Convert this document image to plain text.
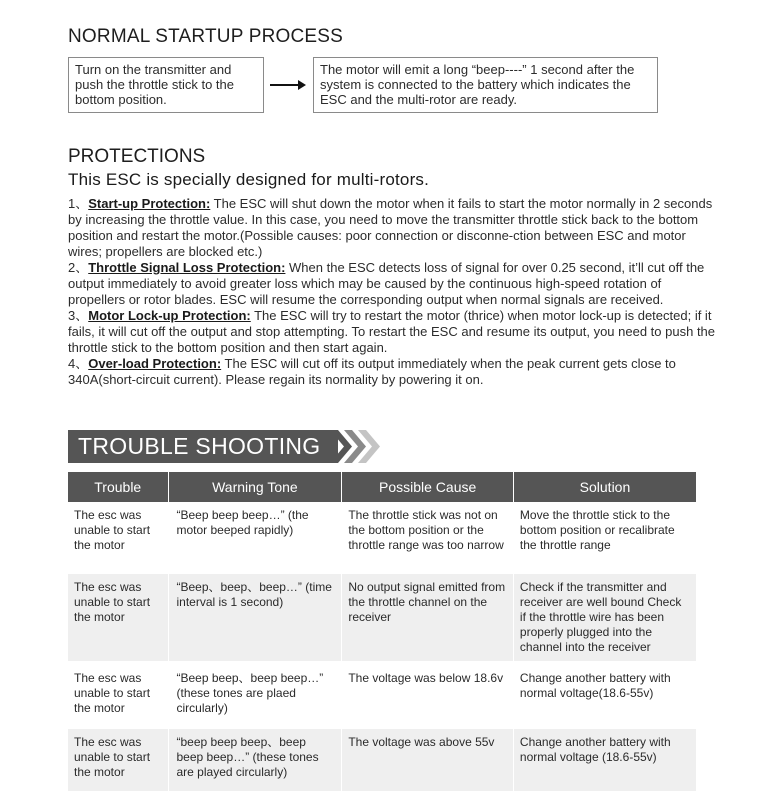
NORMAL STARTUP PROCESS
Turn on the transmitter and push the throttle stick to the bottom position.
The motor will emit a long “beep----” 1 second after the system is connected to the battery which indicates the ESC and the multi-rotor are ready.
PROTECTIONS
This ESC is specially designed for multi-rotors.

1、Start-up Protection: The ESC will shut down the motor when it fails to start the motor normally in 2 seconds by increasing the throttle value. In this case, you need to move the transmitter throttle stick back to the bottom position and restart the motor.(Possible causes: poor connection or disconne-ction between ESC and motor wires; propellers are blocked etc.)

2、Throttle Signal Loss Protection: When the ESC detects loss of signal for over 0.25 second, it’ll cut off the output immediately to avoid greater loss which may be caused by the continuous high-speed rotation of propellers or rotor blades. ESC will resume the corresponding output when normal signals are received.

3、Motor Lock-up Protection: The ESC will try to restart the motor (thrice) when motor lock-up is detected; if it fails, it will cut off the output and stop attempting. To restart the ESC and resume its output, you need to push the throttle stick to the bottom position and then start again.

4、Over-load Protection: The ESC will cut off its output immediately when the peak current gets close to 340A(short-circuit current). Please regain its normality by powering it on.

TROUBLE SHOOTING
Trouble	Warning Tone	Possible Cause	Solution
The esc was unable to start the motor	“Beep beep beep…” (the motor beeped rapidly)	The throttle stick was not on the bottom position or the throttle range was too narrow	Move the throttle stick to the bottom position or recalibrate the throttle range

The esc was unable to start the motor	“Beep、beep、beep…” (time interval is 1 second)	No output signal emitted from the throttle channel on the receiver	Check if the transmitter and receiver are well bound Check if the throttle wire has been properly plugged into the channel into the receiver

The esc was unable to start the motor	“Beep beep、beep beep…” (these tones are plaed circularly)	The voltage was below 18.6v	Change another battery with normal voltage(18.6-55v)

The esc was unable to start the motor	“beep beep beep、beep beep beep…” (these tones are played circularly)	The voltage was above 55v	Change another battery with normal voltage (18.6-55v)
